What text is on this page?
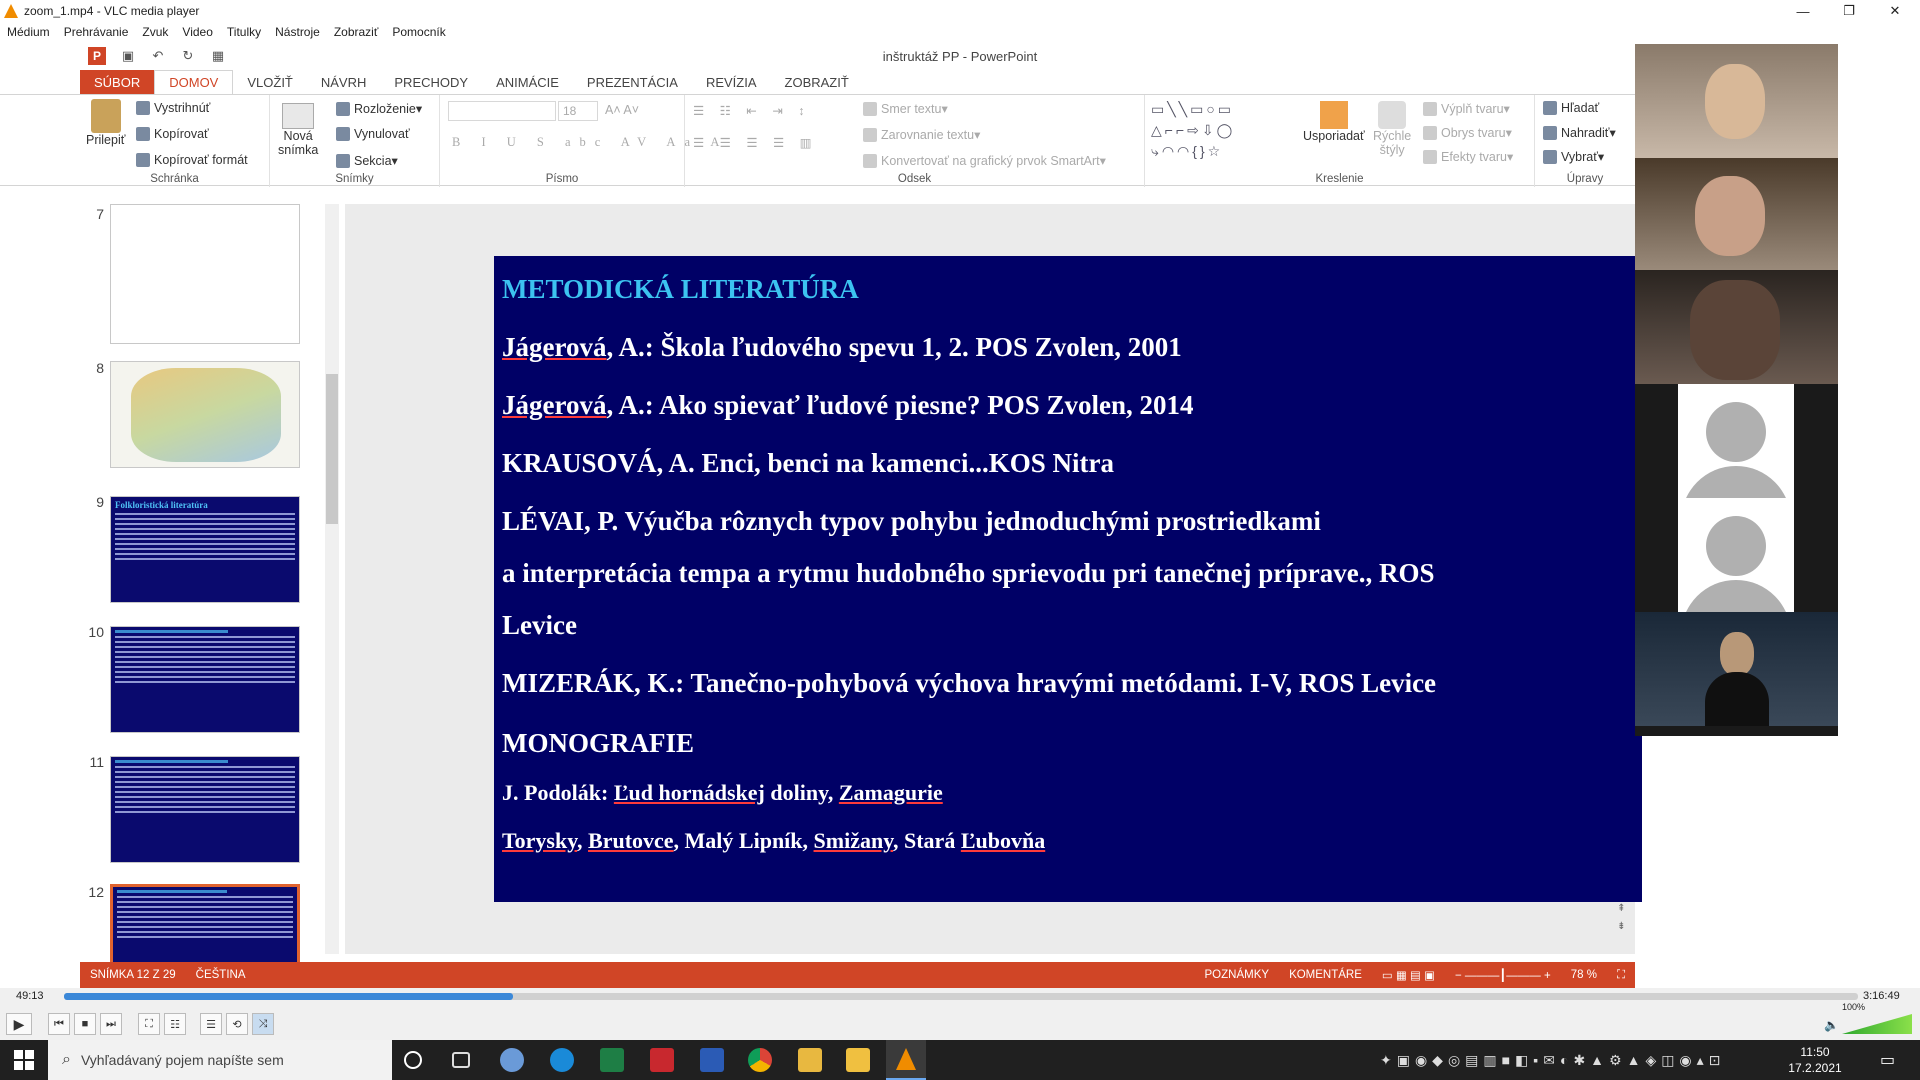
zoom_1.mp4 - VLC media player	—	❐	✕
Médium	Prehrávanie	Zvuk	Video	Titulky	Nástroje	Zobraziť	Pomocník
P	▣ ↶ ↻ ▦	inštruktáž PP - PowerPoint
SÚBOR	DOMOV	VLOŽIŤ	NÁVRH	PRECHODY	ANIMÁCIE	PREZENTÁCIA	REVÍZIA	ZOBRAZIŤ
Prilepiť
Vystrihnúť
Kopírovať
Kopírovať formát
Schránka
Nová
snímka
Rozloženie ▾
Vynulovať
Sekcia ▾
Snímky
18	A˄ A˅
B I U S abc AV Aa A
Písmo
☰ ☷ ⇤ ⇥ ↕
☰ ☰ ☰ ☰ ▥
Smer textu ▾
Zarovnanie textu ▾
Konvertovať na grafický prvok SmartArt ▾
Odsek
▭╲╲▭○▭
△⌐⌐⇨⇩◯
⤷◠◠{}☆
Usporiadať Rýchle
štýly
Výplň tvaru ▾
Obrys tvaru ▾
Efekty tvaru ▾
Kreslenie
Hľadať
Nahradiť ▾
Vybrať ▾
Úpravy
7
8
9 Folkloristická literatúra
10
11
12

⇞
⇟
SNÍMKA 12 Z 29 ČEŠTINA	POZNÁMKY KOMENTÁRE ▭ ▦ ▤ ▣ − ———┃——— + 78 % ⛶
METODICKÁ LITERATÚRA
Jágerová, A.: Škola ľudového spevu 1, 2. POS Zvolen, 2001
Jágerová, A.: Ako spievať ľudové piesne? POS Zvolen, 2014
KRAUSOVÁ, A. Enci, benci na kamenci...KOS Nitra
LÉVAI, P. Výučba rôznych typov pohybu jednoduchými prostriedkami
a interpretácia tempa a rytmu hudobného sprievodu pri tanečnej príprave., ROS
Levice
MIZERÁK, K.: Tanečno-pohybová výchova hravými metódami. I-V, ROS Levice
MONOGRAFIE
J. Podolák: Ľud hornádskej doliny, Zamagurie
Torysky, Brutovce, Malý Lipník, Smižany, Stará Ľubovňa
49:13	3:16:49
▶	⏮	■	⏭	⛶	☷	☰	⟲	⤨	🔈
100%
⌕ Vyhľadávaný pojem napíšte sem	✦▣◉◆◎▤▥■◧▪✉◐✱▲⚙▲◈◫◉▴⊡	11:50
17.2.2021	▭
